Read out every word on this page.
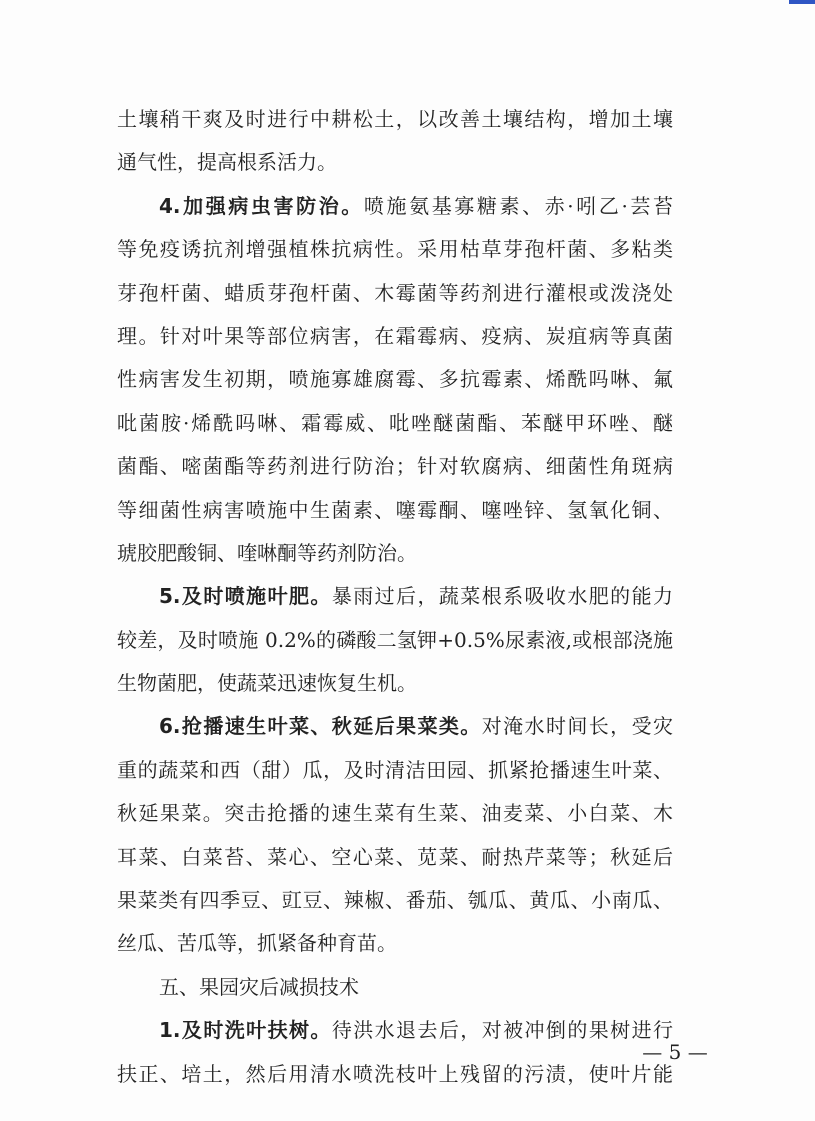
土壤稍干爽及时进行中耕松土，以改善土壤结构，增加土壤
通气性，提高根系活力。
4.加强病虫害防治。喷施氨基寡糖素、赤·吲乙·芸苔
等免疫诱抗剂增强植株抗病性。采用枯草芽孢杆菌、多粘类
芽孢杆菌、蜡质芽孢杆菌、木霉菌等药剂进行灌根或泼浇处
理。针对叶果等部位病害，在霜霉病、疫病、炭疽病等真菌
性病害发生初期，喷施寡雄腐霉、多抗霉素、烯酰吗啉、氟
吡菌胺·烯酰吗啉、霜霉威、吡唑醚菌酯、苯醚甲环唑、醚
菌酯、嘧菌酯等药剂进行防治；针对软腐病、细菌性角斑病
等细菌性病害喷施中生菌素、噻霉酮、噻唑锌、氢氧化铜、
琥胶肥酸铜、喹啉酮等药剂防治。
5.及时喷施叶肥。暴雨过后，蔬菜根系吸收水肥的能力
较差，及时喷施 0.2%的磷酸二氢钾+0.5%尿素液,或根部浇施
生物菌肥，使蔬菜迅速恢复生机。
6.抢播速生叶菜、秋延后果菜类。对淹水时间长，受灾
重的蔬菜和西（甜）瓜，及时清洁田园、抓紧抢播速生叶菜、
秋延果菜。突击抢播的速生菜有生菜、油麦菜、小白菜、木
耳菜、白菜苔、菜心、空心菜、苋菜、耐热芹菜等；秋延后
果菜类有四季豆、豇豆、辣椒、番茄、瓠瓜、黄瓜、小南瓜、
丝瓜、苦瓜等，抓紧备种育苗。
五、果园灾后减损技术
1.及时洗叶扶树。待洪水退去后，对被冲倒的果树进行
扶正、培土，然后用清水喷洗枝叶上残留的污渍，使叶片能
— 5 —
